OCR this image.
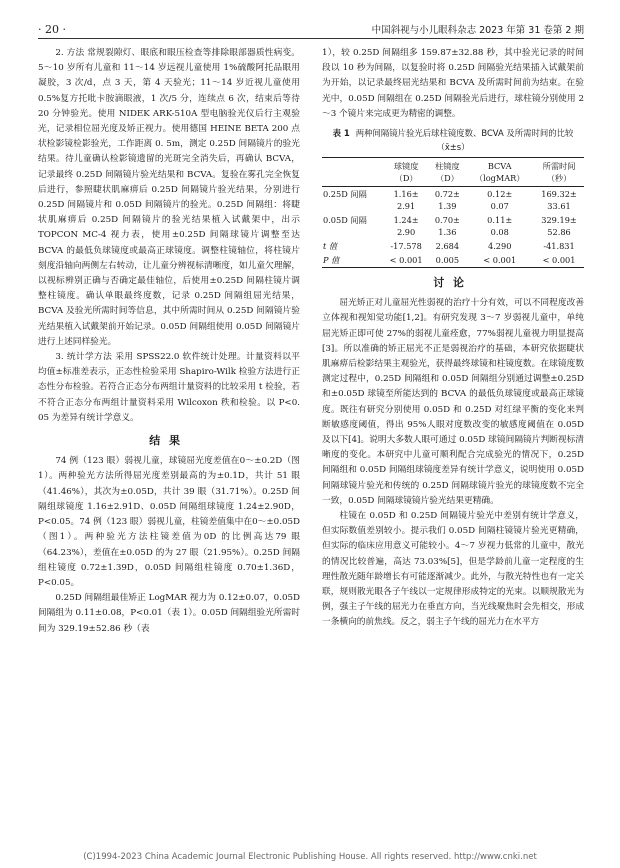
· 20 ·	中国斜视与小儿眼科杂志 2023 年第 31 卷第 2 期

2. 方法 常规裂隙灯、眼底和眼压检查等排除眼部器质性病变。5～10 岁所有儿童和 11～14 岁远视儿童使用 1%硫酸阿托品眼用凝胶，3 次/d，点 3 天，第 4 天验光；11～14 岁近视儿童使用 0.5%复方托吡卡胺滴眼液，1 次/5 分，连续点 6 次，结束后等待 20 分钟验光。使用 NIDEK ARK-510A 型电脑验光仪后行主观验光，记录相位屈光度及矫正视力。使用德国 HEINE BETA 200 点状检影镜检影验光，工作距离 0. 5m，测定 0.25D 间隔镜片的验光结果。待儿童确认检影镜遗留的光斑完全消失后，再确认 BCVA，记录最终 0.25D 间隔镜片验光结果和 BCVA。复验在雾孔完全恢复后进行，参照睫状肌麻痹后 0.25D 间隔镜片验光结果，分别进行 0.25D 间隔镜片和 0.05D 间隔镜片的验光。0.25D 间隔组：将睫状肌麻痹后 0.25D 间隔镜片的验光结果植入试戴架中，出示 TOPCON MC-4 视力表，使用±0.25D 间隔球镜片调整至达 BCVA 的最低负球镜度或最高正球镜度。调整柱镜轴位，将柱镜片刻度沿轴向两侧左右转动，让儿童分辨视标清晰度，如儿童欠理解，以视标辨别正确与否确定最佳轴位，后使用±0.25D 间隔柱镜片调整柱镜度。确认单眼最终度数，记录 0.25D 间隔组屈光结果，BCVA 及验光所需时间等信息，其中所需时间从 0.25D 间隔镜片验光结果植入试戴架前开始记录。0.05D 间隔组使用 0.05D 间隔镜片进行上述同样验光。

3. 统计学方法 采用 SPSS22.0 软件统计处理。计量资料以平均值±标准差表示，正态性检验采用 Shapiro-Wilk 检验方法进行正态性分布检验。若符合正态分布两组计量资料的比较采用 t 检验，若不符合正态分布两组计量资料采用 Wilcoxon 秩和检验。以 P<0. 05 为差异有统计学意义。

结果

74 例（123 眼）弱视儿童，球镜屈光度差值在0～±0.2D（图1）。两种验光方法所得屈光度差别最高的为±0.1D，共计 51 眼（41.46%），其次为±0.05D，共计 39 眼（31.71%）。0.25D 间隔组球镜度 1.16±2.91D、0.05D 间隔组球镜度 1.24±2.90D，P<0.05。74 例（123 眼）弱视儿童，柱镜差值集中在0～±0.05D（图1）。两种验光方法柱镜差值为0D 的比例高达79 眼（64.23%），差值在±0.05D 的为 27 眼（21.95%）。0.25D 间隔组柱镜度 0.72±1.39D，0.05D 间隔组柱镜度 0.70±1.36D，P<0.05。

0.25D 间隔组最佳矫正 LogMAR 视力为 0.12±0.07，0.05D 间隔组为 0.11±0.08，P<0.01（表 1）。0.05D 间隔组验光所需时间为 329.19±52.86 秒（表

1），较 0.25D 间隔组多 159.87±32.88 秒，其中验光记录的时间段以 10 秒为间隔，以复验时将 0.25D 间隔验光结果插入试戴架前为开始，以记录最终屈光结果和 BCVA 及所需时间前为结束。在验光中，0.05D 间隔组在 0.25D 间隔验光后进行，球柱镜分别使用 2～3 个镜片来完成更为精密的调整。

表 1 两种间隔镜片验光后球柱镜度数、BCVA 及所需时间的比较（x̄±s）
	球镜度
（D）	柱镜度
（D）	BCVA
（logMAR）	所需时间
（秒）
0.25D 间隔	1.16±
2.91	0.72±
1.39	0.12±
0.07	169.32±
33.61
0.05D 间隔	1.24±
2.90	0.70±
1.36	0.11±
0.08	329.19±
52.86
t 值	-17.578	2.684	4.290	-41.831
P 值	< 0.001	0.005	< 0.001	< 0.001
讨论

屈光矫正对儿童屈光性弱视的治疗十分有效，可以不同程度改善立体视和视知觉功能[1,2]。有研究发现 3～7 岁弱视儿童中，单纯屈光矫正即可使 27%的弱视儿童痊愈，77%弱视儿童视力明显提高[3]。所以准确的矫正屈光不正是弱视治疗的基础，本研究依据睫状肌麻痹后检影结果主观验光，获得最终球镜和柱镜度数。在球镜度数测定过程中，0.25D 间隔组和 0.05D 间隔组分别通过调整±0.25D 和±0.05D 球镜至所能达到的 BCVA 的最低负球镜度或最高正球镜度。既往有研究分别使用 0.05D 和 0.25D 对红绿平衡的变化来判断敏感度阈值，得出 95%人眼对度数改变的敏感度阈值在 0.05D 及以下[4]。说明大多数人眼可通过 0.05D 球镜间隔镜片判断视标清晰度的变化。本研究中儿童可顺利配合完成验光的情况下，0.25D 间隔组和 0.05D 间隔组球镜度差异有统计学意义，说明使用 0.05D 间隔球镜片验光和传统的 0.25D 间隔球镜片验光的球镜度数不完全一致，0.05D 间隔球镜镜片验光结果更精确。

柱镜在 0.05D 和 0.25D 间隔镜片验光中差别有统计学意义，但实际数值差别较小。提示我们 0.05D 间隔柱镜镜片验光更精确，但实际的临床应用意义可能较小。4～7 岁视力低常的儿童中，散光的情况比较普遍，高达 73.03%[5]，但是学龄前儿童一定程度的生理性散光随年龄增长有可能逐渐减少。此外，与散光特性也有一定关联，规则散光眼各子午线以一定规律形成特定的光束。以顺规散光为例，强主子午线的屈光力在垂直方向，当光线聚焦时会先相交，形成一条横向的前焦线。反之，弱主子午线的屈光力在水平方

(C)1994-2023 China Academic Journal Electronic Publishing House. All rights reserved. http://www.cnki.net
